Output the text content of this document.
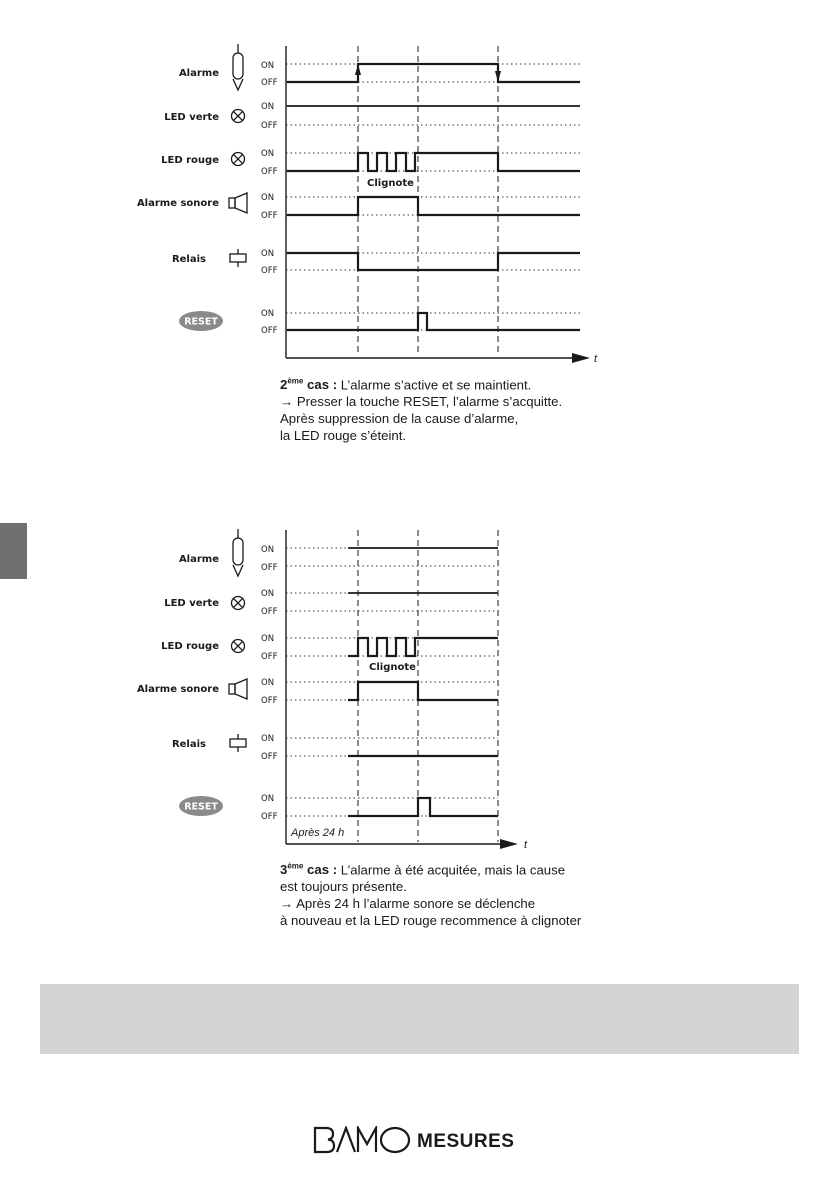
Alarme
LED verte
LED rouge
Alarme sonore
Relais
RESET
ON
OFF
ON
OFF
ON
OFF
ON
OFF
ON
OFF
ON
OFF
t
Clignote

2ème cas : L’alarme s’active et se maintient.

→ Presser la touche RESET, l’alarme s’acquitte.

Après suppression de la cause d’alarme,

la LED rouge s’éteint.

Alarme
LED verte
LED rouge
Alarme sonore
Relais
RESET
ON
OFF
ON
OFF
ON
OFF
ON
OFF
ON
OFF
ON
OFF
t
Après 24 h
Clignote

3ème cas : L’alarme à été acquitée, mais la cause

est toujours présente.

→ Après 24 h l’alarme sonore se déclenche

à nouveau et la LED rouge recommence à clignoter

MESURES
